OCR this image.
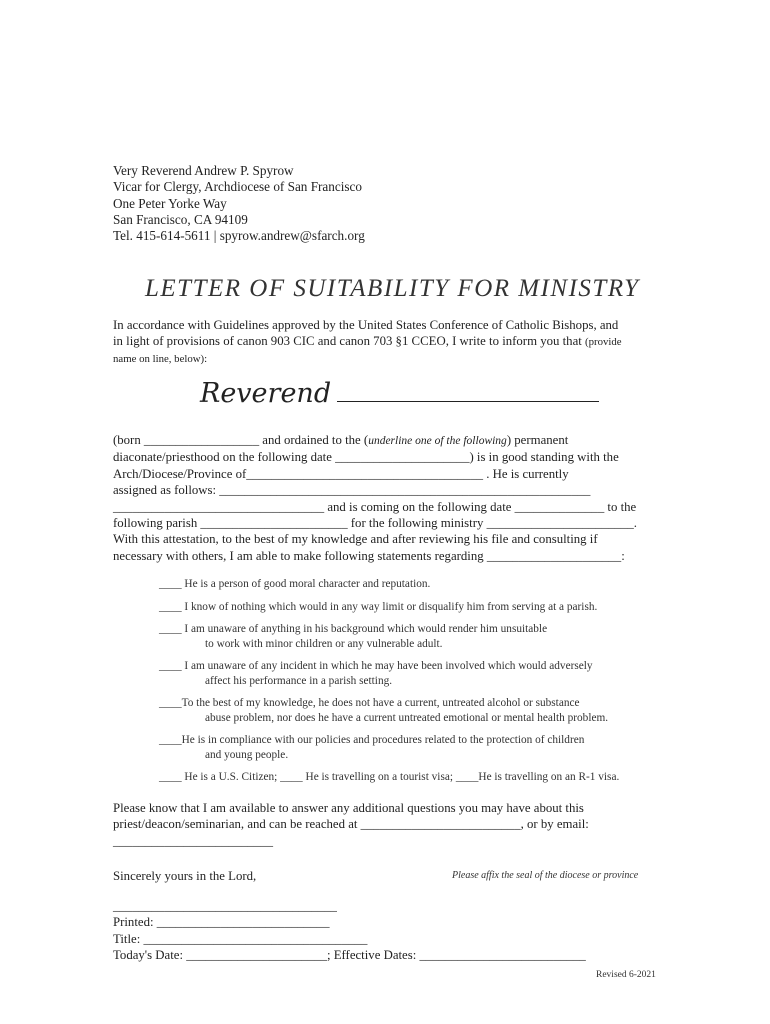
Very Reverend Andrew P. Spyrow
Vicar for Clergy, Archdiocese of San Francisco
One Peter Yorke Way
San Francisco, CA 94109
Tel. 415-614-5611 | spyrow.andrew@sfarch.org
LETTER OF SUITABILITY FOR MINISTRY
In accordance with Guidelines approved by the United States Conference of Catholic Bishops, and
in light of provisions of canon 903 CIC and canon 703 §1 CCEO, I write to inform you that (provide
name on line, below):
Reverend
(born __________________ and ordained to the (underline one of the following) permanent
diaconate/priesthood on the following date _____________________) is in good standing with the
Arch/Diocese/Province of_____________________________________ . He is currently
assigned as follows: __________________________________________________________
_________________________________ and is coming on the following date ______________ to the
following parish _______________________ for the following ministry _______________________.
With this attestation, to the best of my knowledge and after reviewing his file and consulting if
necessary with others, I am able to make following statements regarding _____________________:
____ He is a person of good moral character and reputation.
____ I know of nothing which would in any way limit or disqualify him from serving at a parish.
____ I am unaware of anything in his background which would render him unsuitable
to work with minor children or any vulnerable adult.
____ I am unaware of any incident in which he may have been involved which would adversely
affect his performance in a parish setting.
____To the best of my knowledge, he does not have a current, untreated alcohol or substance
abuse problem, nor does he have a current untreated emotional or mental health problem.
____He is in compliance with our policies and procedures related to the protection of children
and young people.
____ He is a U.S. Citizen; ____ He is travelling on a tourist visa; ____He is travelling on an R-1 visa.
Please know that I am available to answer any additional questions you may have about this
priest/deacon/seminarian, and can be reached at _________________________, or by email:
_________________________
Sincerely yours in the Lord,	Please affix the seal of the diocese or province
___________________________________
Printed: ___________________________
Title: ___________________________________
Today's Date: ______________________; Effective Dates: __________________________
Revised 6-2021
